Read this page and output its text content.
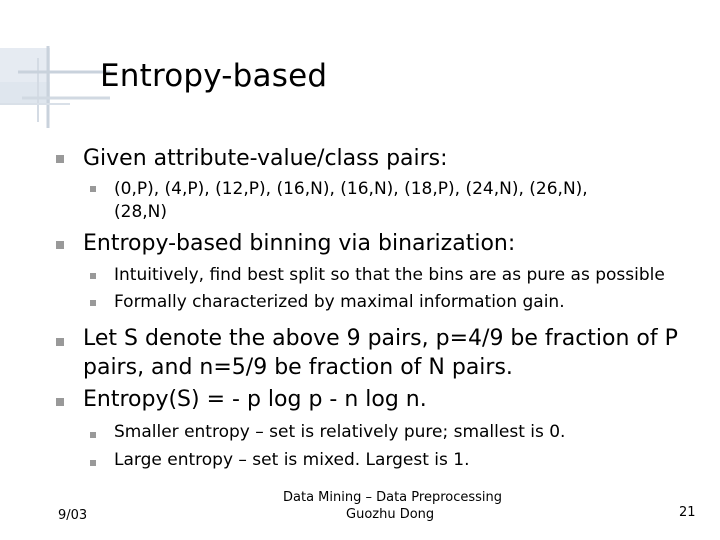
Entropy-based
Given attribute-value/class pairs:
(0,P), (4,P), (12,P), (16,N), (16,N), (18,P), (24,N), (26,N),
(28,N)
Entropy-based binning via binarization:
Intuitively, find best split so that the bins are as pure as possible
Formally characterized by maximal information gain.
Let S denote the above 9 pairs, p=4/9 be fraction of P
pairs, and n=5/9 be fraction of N pairs.
Entropy(S) = - p log p - n log n.
Smaller entropy – set is relatively pure; smallest is 0.
Large entropy – set is mixed. Largest is 1.
9/03
Data Mining – Data Preprocessing
Guozhu Dong	21
